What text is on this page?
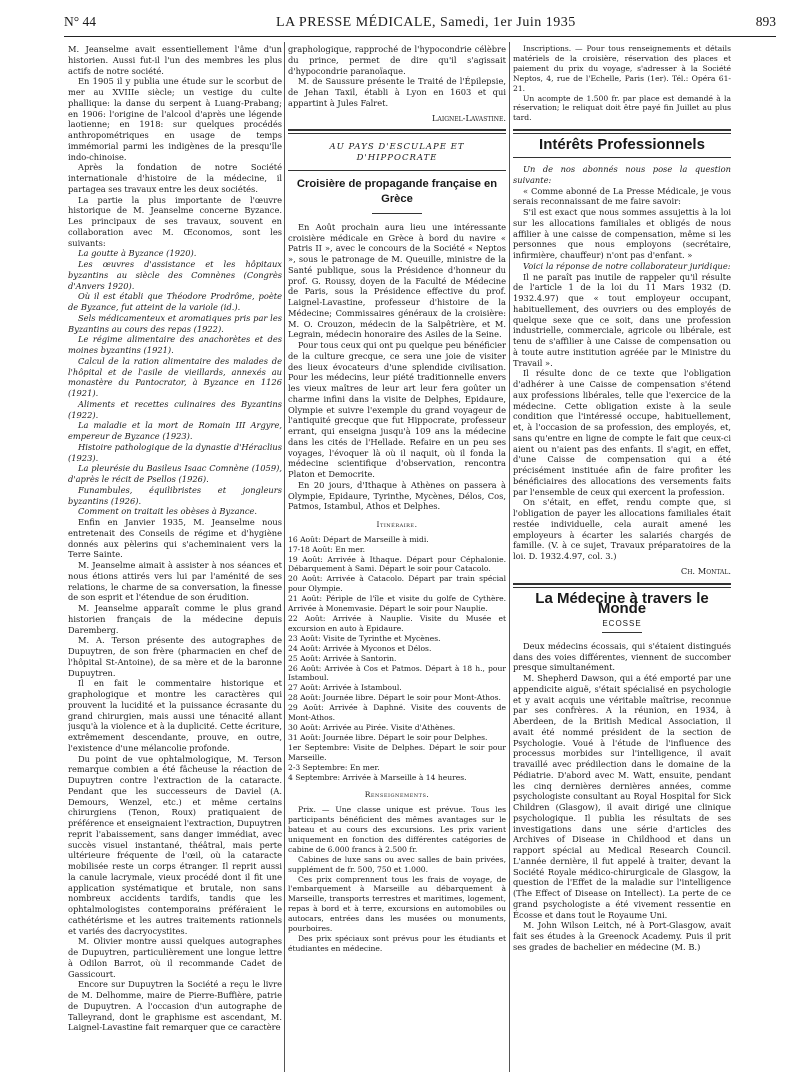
N° 44	LA PRESSE MÉDICALE, Samedi, 1er Juin 1935	893

M. Jeanselme avait essentiellement l'âme d'un historien. Aussi fut-il l'un des membres les plus actifs de notre société.

En 1905 il y publia une étude sur le scorbut de mer au XVIIIe siècle; un vestige du culte phallique: la danse du serpent à Luang-Prabang; en 1906: l'origine de l'alcool d'après une légende laotienne; en 1918: sur quelques procédés anthropométriques en usage de temps immémorial parmi les indigènes de la presqu'île indo-chinoise.

Après la fondation de notre Société internationale d'histoire de la médecine, il partagea ses travaux entre les deux sociétés.

La partie la plus importante de l'œuvre historique de M. Jeanselme concerne Byzance. Les principaux de ses travaux, souvent en collaboration avec M. Œconomos, sont les suivants:

La goutte à Byzance (1920).

Les œuvres d'assistance et les hôpitaux byzantins au siècle des Comnènes (Congrès d'Anvers 1920).

Où il est établi que Théodore Prodrôme, poète de Byzance, fut atteint de la variole (id.).

Sels médicamenteux et aromatiques pris par les Byzantins au cours des repas (1922).

Le régime alimentaire des anachorètes et des moines byzantins (1921).

Calcul de la ration alimentaire des malades de l'hôpital et de l'asile de vieillards, annexés au monastère du Pantocrator, à Byzance en 1126 (1921).

Aliments et recettes culinaires des Byzantins (1922).

La maladie et la mort de Romain III Argyre, empereur de Byzance (1923).

Histoire pathologique de la dynastie d'Héraclius (1923).

La pleurésie du Basileus Isaac Comnène (1059), d'après le récit de Psellos (1926).

Funambules, équilibristes et jongleurs byzantins (1926).

Comment on traitait les obèses à Byzance.

Enfin en Janvier 1935, M. Jeanselme nous entretenait des Conseils de régime et d'hygiène donnés aux pèlerins qui s'acheminaient vers la Terre Sainte.

M. Jeanselme aimait à assister à nos séances et nous étions attirés vers lui par l'aménité de ses relations, le charme de sa conversation, la finesse de son esprit et l'étendue de son érudition.

M. Jeanselme apparaît comme le plus grand historien français de la médecine depuis Daremberg.

M. A. Terson présente des autographes de Dupuytren, de son frère (pharmacien en chef de l'hôpital St-Antoine), de sa mère et de la baronne Dupuytren.

Il en fait le commentaire historique et graphologique et montre les caractères qui prouvent la lucidité et la puissance écrasante du grand chirurgien, mais aussi une ténacité allant jusqu'à la violence et à la duplicité. Cette écriture, extrêmement descendante, prouve, en outre, l'existence d'une mélancolie profonde.

Du point de vue ophtalmologique, M. Terson remarque combien a été fâcheuse la réaction de Dupuytren contre l'extraction de la cataracte. Pendant que les successeurs de Daviel (A. Demours, Wenzel, etc.) et même certains chirurgiens (Tenon, Roux) pratiquaient de préférence et enseignaient l'extraction, Dupuytren reprit l'abaissement, sans danger immédiat, avec succès visuel instantané, théâtral, mais perte ultérieure fréquente de l'œil, où la cataracte mobilisée reste un corps étranger. Il reprit aussi la canule lacrymale, vieux procédé dont il fit une application systématique et brutale, non sans nombreux accidents tardifs, tandis que les ophtalmologistes contemporains préféraient le cathétérisme et les autres traitements rationnels et variés des dacryocystites.

M. Olivier montre aussi quelques autographes de Dupuytren, particulièrement une longue lettre à Odilon Barrot, où il recommande Cadet de Gassicourt.

Encore sur Dupuytren la Société a reçu le livre de M. Delhomme, maire de Pierre-Buffière, patrie de Dupuytren. A l'occasion d'un autographe de Talleyrand, dont le graphisme est ascendant, M. Laignel-Lavastine fait remarquer que ce caractère

graphologique, rapproché de l'hypocondrie célèbre du prince, permet de dire qu'il s'agissait d'hypocondrie paranoïaque.

M. de Saussure présente le Traité de l'Épilepsie, de Jehan Taxil, établi à Lyon en 1603 et qui appartint à Jules Falret.

Laignel-Lavastine.
AU PAYS D'ESCULAPE ET D'HIPPOCRATE
Croisière de propagande française en Grèce

En Août prochain aura lieu une intéressante croisière médicale en Grèce à bord du navire « Patris II », avec le concours de la Société « Neptos », sous le patronage de M. Queuille, ministre de la Santé publique, sous la Présidence d'honneur du prof. G. Roussy, doyen de la Faculté de Médecine de Paris, sous la Présidence effective du prof. Laignel-Lavastine, professeur d'histoire de la Médecine; Commissaires généraux de la croisière: M. O. Crouzon, médecin de la Salpêtrière, et M. Legrain, médecin honoraire des Asiles de la Seine.

Pour tous ceux qui ont pu quelque peu bénéficier de la culture grecque, ce sera une joie de visiter des lieux évocateurs d'une splendide civilisation. Pour les médecins, leur piété traditionnelle envers les vieux maîtres de leur art leur fera goûter un charme infini dans la visite de Delphes, Epidaure, Olympie et suivre l'exemple du grand voyageur de l'antiquité grecque que fut Hippocrate, professeur errant, qui enseigna jusqu'à 109 ans la médecine dans les cités de l'Hellade. Refaire en un peu ses voyages, l'évoquer là où il naquit, où il fonda la médecine scientifique d'observation, rencontra Platon et Democrite.

En 20 jours, d'Ithaque à Athènes on passera à Olympie, Epidaure, Tyrinthe, Mycènes, Délos, Cos, Patmos, Istambul, Athos et Delphes.

Itinéraire.

16 Août: Départ de Marseille à midi.

17-18 Août: En mer.

19 Août: Arrivée à Ithaque. Départ pour Céphalonie. Débarquement à Sami. Départ le soir pour Catacolo.

20 Août: Arrivée à Catacolo. Départ par train spécial pour Olympie.

21 Août: Périple de l'île et visite du golfe de Cythère. Arrivée à Monemvasie. Départ le soir pour Nauplie.

22 Août: Arrivée à Nauplie. Visite du Musée et excursion en auto à Epidaure.

23 Août: Visite de Tyrinthe et Mycènes.

24 Août: Arrivée à Myconos et Délos.

25 Août: Arrivée à Santorin.

26 Août: Arrivée à Cos et Patmos. Départ à 18 h., pour Istamboul.

27 Août: Arrivée à Istamboul.

28 Août: Journée libre. Départ le soir pour Mont-Athos.

29 Août: Arrivée à Daphné. Visite des couvents de Mont-Athos.

30 Août: Arrivée au Pirée. Visite d'Athènes.

31 Août: Journée libre. Départ le soir pour Delphes.

1er Septembre: Visite de Delphes. Départ le soir pour Marseille.

2-3 Septembre: En mer.

4 Septembre: Arrivée à Marseille à 14 heures.

Renseignements.

Prix. — Une classe unique est prévue. Tous les participants bénéficient des mêmes avantages sur le bateau et au cours des excursions. Les prix varient uniquement en fonction des différentes catégories de cabine de 6.000 francs à 2.500 fr.

Cabines de luxe sans ou avec salles de bain privées, supplément de fr. 500, 750 et 1.000.

Ces prix comprennent tous les frais de voyage, de l'embarquement à Marseille au débarquement à Marseille, transports terrestres et maritimes, logement, repas à bord et à terre, excursions en automobiles ou autocars, entrées dans les musées ou monuments, pourboires.

Des prix spéciaux sont prévus pour les étudiants et étudiantes en médecine.

Inscriptions. — Pour tous renseignements et détails matériels de la croisière, réservation des places et paiement du prix du voyage, s'adresser à la Société Neptos, 4, rue de l'Echelle, Paris (1er). Tél.: Opéra 61-21.

Un acompte de 1.500 fr. par place est demandé à la réservation; le reliquat doit être payé fin Juillet au plus tard.

Intérêts Professionnels

Un de nos abonnés nous pose la question suivante:

« Comme abonné de La Presse Médicale, je vous serais reconnaissant de me faire savoir:

S'il est exact que nous sommes assujettis à la loi sur les allocations familiales et obligés de nous affilier à une caisse de compensation, même si les personnes que nous employons (secrétaire, infirmière, chauffeur) n'ont pas d'enfant. »

Voici la réponse de notre collaborateur juridique:

Il ne paraît pas inutile de rappeler qu'il résulte de l'article 1 de la loi du 11 Mars 1932 (D. 1932.4.97) que « tout employeur occupant, habituellement, des ouvriers ou des employés de quelque sexe que ce soit, dans une profession industrielle, commerciale, agricole ou libérale, est tenu de s'affilier à une Caisse de compensation ou à toute autre institution agréée par le Ministre du Travail ».

Il résulte donc de ce texte que l'obligation d'adhérer à une Caisse de compensation s'étend aux professions libérales, telle que l'exercice de la médecine. Cette obligation existe à la seule condition que l'intéressé occupe, habituellement, et, à l'occasion de sa profession, des employés, et, sans qu'entre en ligne de compte le fait que ceux-ci aient ou n'aient pas des enfants. Il s'agit, en effet, d'une Caisse de compensation qui a été précisément instituée afin de faire profiter les bénéficiaires des allocations des versements faits par l'ensemble de ceux qui exercent la profession.

On s'était, en effet, rendu compte que, si l'obligation de payer les allocations familiales était restée individuelle, cela aurait amené les employeurs à écarter les salariés chargés de famille. (V. à ce sujet, Travaux préparatoires de la loi. D. 1932.4.97, col. 3.)

Ch. Montal.
La Médecine à travers le Monde
ECOSSE

Deux médecins écossais, qui s'étaient distingués dans des voies différentes, viennent de succomber presque simultanément.

M. Shepherd Dawson, qui a été emporté par une appendicite aiguë, s'était spécialisé en psychologie et y avait acquis une véritable maîtrise, reconnue par ses confrères. A la réunion, en 1934, à Aberdeen, de la British Medical Association, il avait été nommé président de la section de Psychologie. Voué à l'étude de l'influence des processus morbides sur l'intelligence, il avait travaillé avec prédilection dans le domaine de la Pédiatrie. D'abord avec M. Watt, ensuite, pendant les cinq dernières dernières années, comme psychologiste consultant au Royal Hospital for Sick Children (Glasgow), il avait dirigé une clinique psychologique. Il publia les résultats de ses investigations dans une série d'articles des Archives of Disease in Childhood et dans un rapport spécial au Medical Research Council. L'année dernière, il fut appelé à traiter, devant la Société Royale médico-chirurgicale de Glasgow, la question de l'Effet de la maladie sur l'intelligence (The Effect of Disease on Intellect). La perte de ce grand psychologiste a été vivement ressentie en Écosse et dans tout le Royaume Uni.

M. John Wilson Leitch, né à Port-Glasgow, avait fait ses études à la Greenock Academy. Puis il prit ses grades de bachelier en médecine (M. B.)
